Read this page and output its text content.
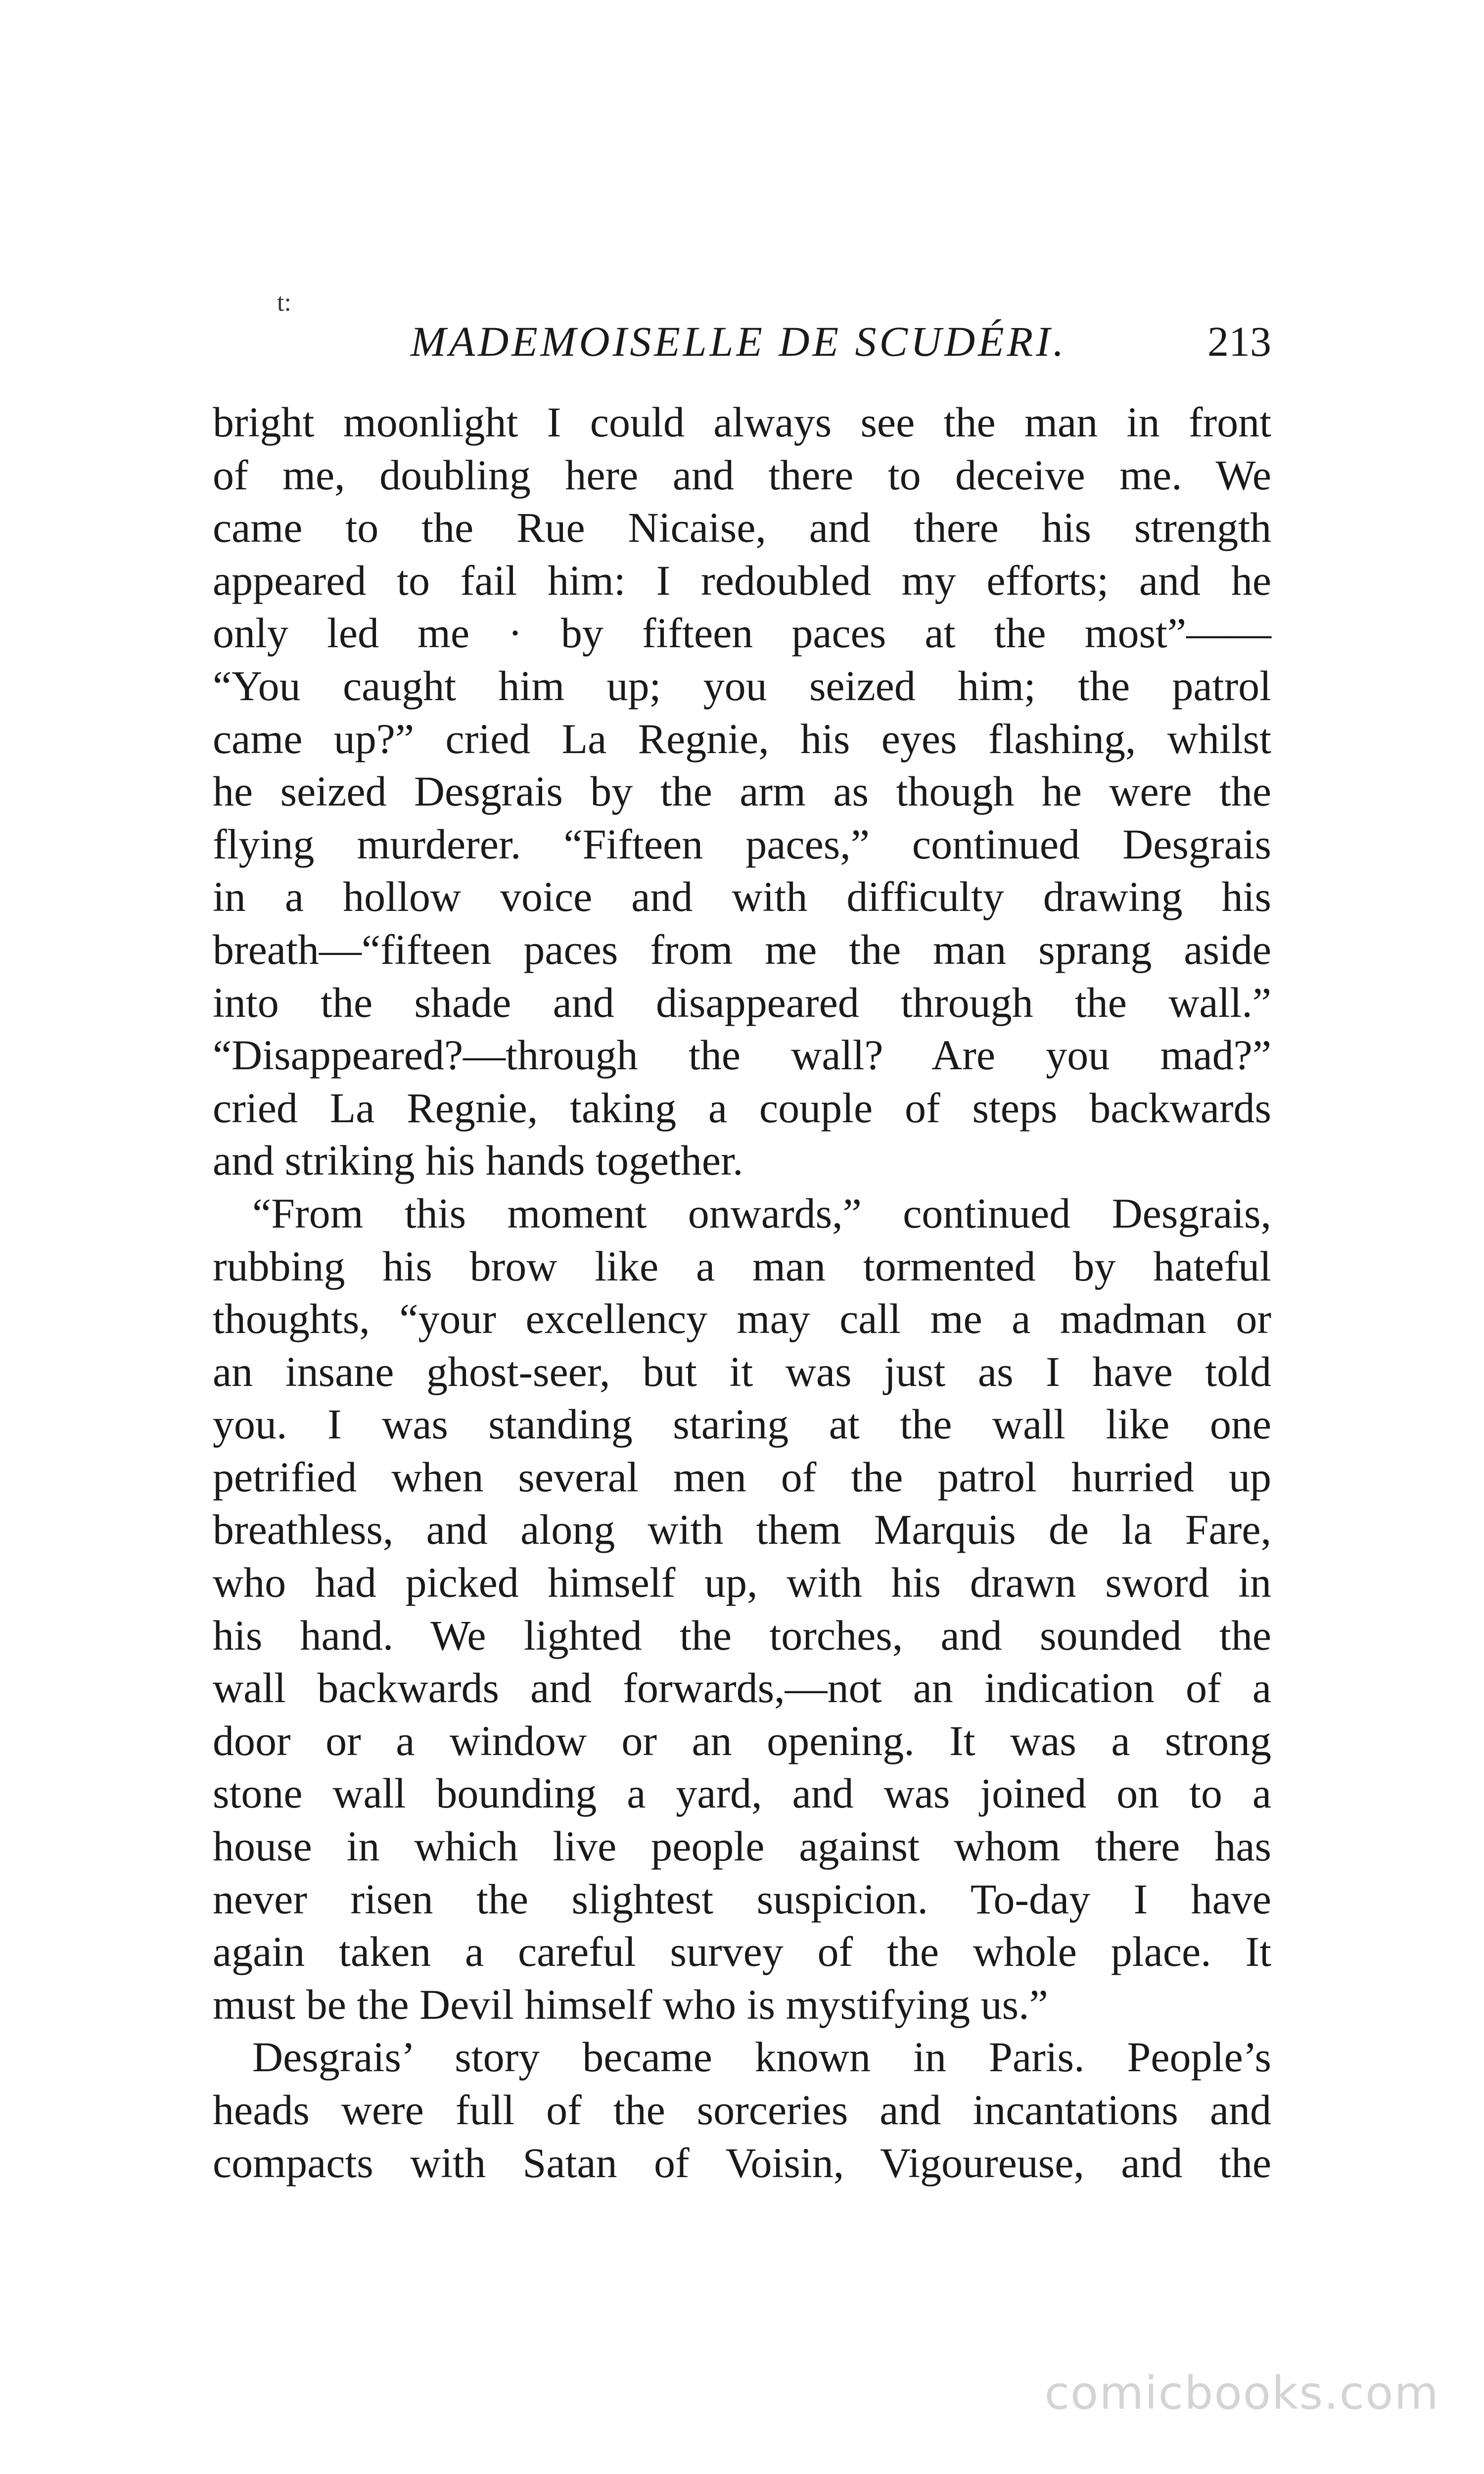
t:
MADEMOISELLE DE SCUDÉRI.	213
bright moonlight I could always see the man in front
of me, doubling here and there to deceive me. We
came to the Rue Nicaise, and there his strength
appeared to fail him: I redoubled my efforts; and he
only led me · by fifteen paces at the most”——
“You caught him up; you seized him; the patrol
came up?” cried La Regnie, his eyes flashing, whilst
he seized Desgrais by the arm as though he were the
flying murderer. “Fifteen paces,” continued Desgrais
in a hollow voice and with difficulty drawing his
breath—“fifteen paces from me the man sprang aside
into the shade and disappeared through the wall.”
“Disappeared?—through the wall? Are you mad?”
cried La Regnie, taking a couple of steps backwards
and striking his hands together.
“From this moment onwards,” continued Desgrais,
rubbing his brow like a man tormented by hateful
thoughts, “your excellency may call me a madman or
an insane ghost-seer, but it was just as I have told
you. I was standing staring at the wall like one
petrified when several men of the patrol hurried up
breathless, and along with them Marquis de la Fare,
who had picked himself up, with his drawn sword in
his hand. We lighted the torches, and sounded the
wall backwards and forwards,—not an indication of a
door or a window or an opening. It was a strong
stone wall bounding a yard, and was joined on to a
house in which live people against whom there has
never risen the slightest suspicion. To-day I have
again taken a careful survey of the whole place. It
must be the Devil himself who is mystifying us.”
Desgrais’ story became known in Paris. People’s
heads were full of the sorceries and incantations and
compacts with Satan of Voisin, Vigoureuse, and the
comicbooks.com
